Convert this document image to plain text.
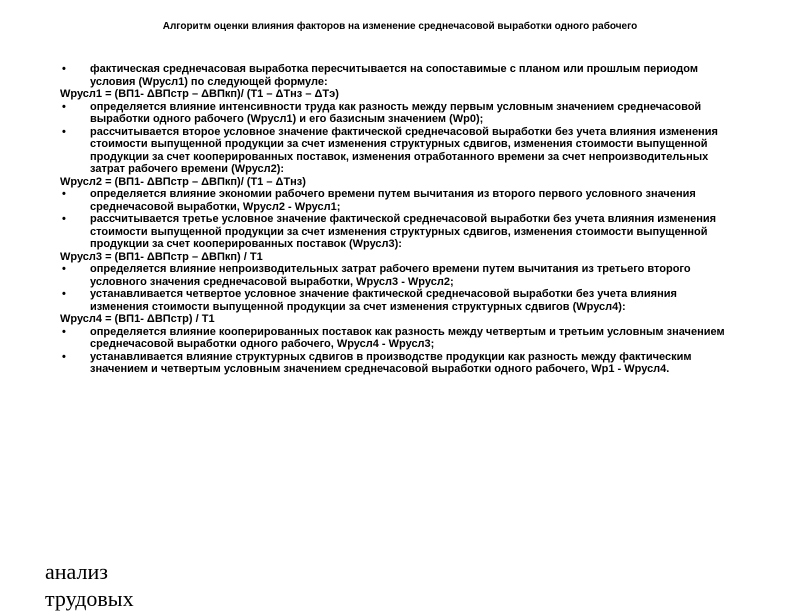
Алгоритм оценки влияния факторов на изменение среднечасовой выработки одного рабочего
• фактическая среднечасовая выработка пересчитывается на сопоставимые с планом или прошлым периодом условия (Wрусл1) по следующей формуле:
Wрусл1 = (ВП1- ΔВПстр – ΔВПкп)/ (Т1 – ΔТнз – ΔТэ)
• определяется влияние интенсивности труда как разность между первым условным значением среднечасовой выработки одного рабочего (Wрусл1) и его базисным значением (Wр0);
• рассчитывается второе условное значение фактической среднечасовой выработки без учета влияния изменения стоимости выпущенной продукции за счет изменения структурных сдвигов, изменения стоимости выпущенной продукции за счет кооперированных поставок, изменения отработанного времени за счет непроизводительных затрат рабочего времени (Wрусл2):
Wрусл2 = (ВП1- ΔВПстр – ΔВПкп)/ (Т1 – ΔТнз)
• определяется влияние экономии рабочего времени путем вычитания из второго первого условного значения среднечасовой выработки, Wрусл2 - Wрусл1;
• рассчитывается третье условное значение фактической среднечасовой выработки без учета влияния изменения стоимости выпущенной продукции за счет изменения структурных сдвигов, изменения стоимости выпущенной продукции за счет кооперированных поставок (Wрусл3):
Wрусл3 = (ВП1- ΔВПстр – ΔВПкп) / Т1
• определяется влияние непроизводительных затрат рабочего времени путем вычитания из третьего второго условного значения среднечасовой выработки, Wрусл3 - Wрусл2;
• устанавливается четвертое условное значение фактической среднечасовой выработки без учета влияния изменения стоимости выпущенной продукции за счет изменения структурных сдвигов (Wрусл4):
Wрусл4 = (ВП1- ΔВПстр) / Т1
• определяется влияние кооперированных поставок как разность между четвертым и третьим условным значением среднечасовой выработки одного рабочего, Wрусл4 - Wрусл3;
• устанавливается влияние структурных сдвигов в производстве продукции как разность между фактическим значением и четвертым условным значением среднечасовой выработки одного рабочего, Wр1 - Wрусл4.
анализ
трудовых
